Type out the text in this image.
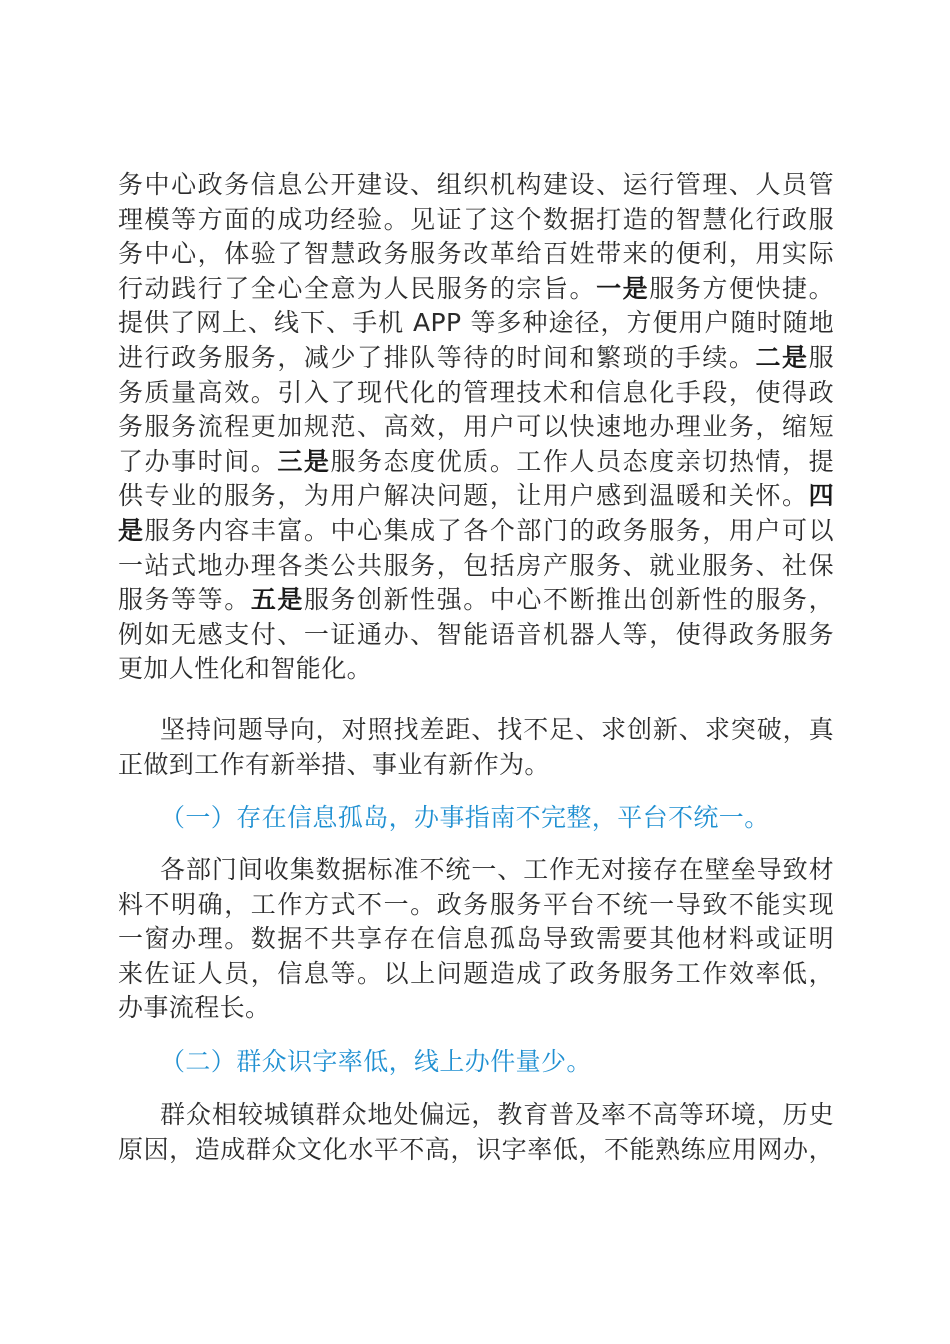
务中心政务信息公开建设、组织机构建设、运行管理、人员管
理模等方面的成功经验。见证了这个数据打造的智慧化行政服
务中心，体验了智慧政务服务改革给百姓带来的便利，用实际
行动践行了全心全意为人民服务的宗旨。一是服务方便快捷。
提供了网上、线下、手机 APP 等多种途径，方便用户随时随地
进行政务服务，减少了排队等待的时间和繁琐的手续。二是服
务质量高效。引入了现代化的管理技术和信息化手段，使得政
务服务流程更加规范、高效，用户可以快速地办理业务，缩短
了办事时间。三是服务态度优质。工作人员态度亲切热情，提
供专业的服务，为用户解决问题，让用户感到温暖和关怀。四
是服务内容丰富。中心集成了各个部门的政务服务，用户可以
一站式地办理各类公共服务，包括房产服务、就业服务、社保
服务等等。五是服务创新性强。中心不断推出创新性的服务，
例如无感支付、一证通办、智能语音机器人等，使得政务服务
更加人性化和智能化。
坚持问题导向，对照找差距、找不足、求创新、求突破，真
正做到工作有新举措、事业有新作为。
（一）存在信息孤岛，办事指南不完整，平台不统一。
各部门间收集数据标准不统一、工作无对接存在壁垒导致材
料不明确，工作方式不一。政务服务平台不统一导致不能实现
一窗办理。数据不共享存在信息孤岛导致需要其他材料或证明
来佐证人员，信息等。以上问题造成了政务服务工作效率低，
办事流程长。
（二）群众识字率低，线上办件量少。
群众相较城镇群众地处偏远，教育普及率不高等环境，历史
原因，造成群众文化水平不高，识字率低，不能熟练应用网办，
